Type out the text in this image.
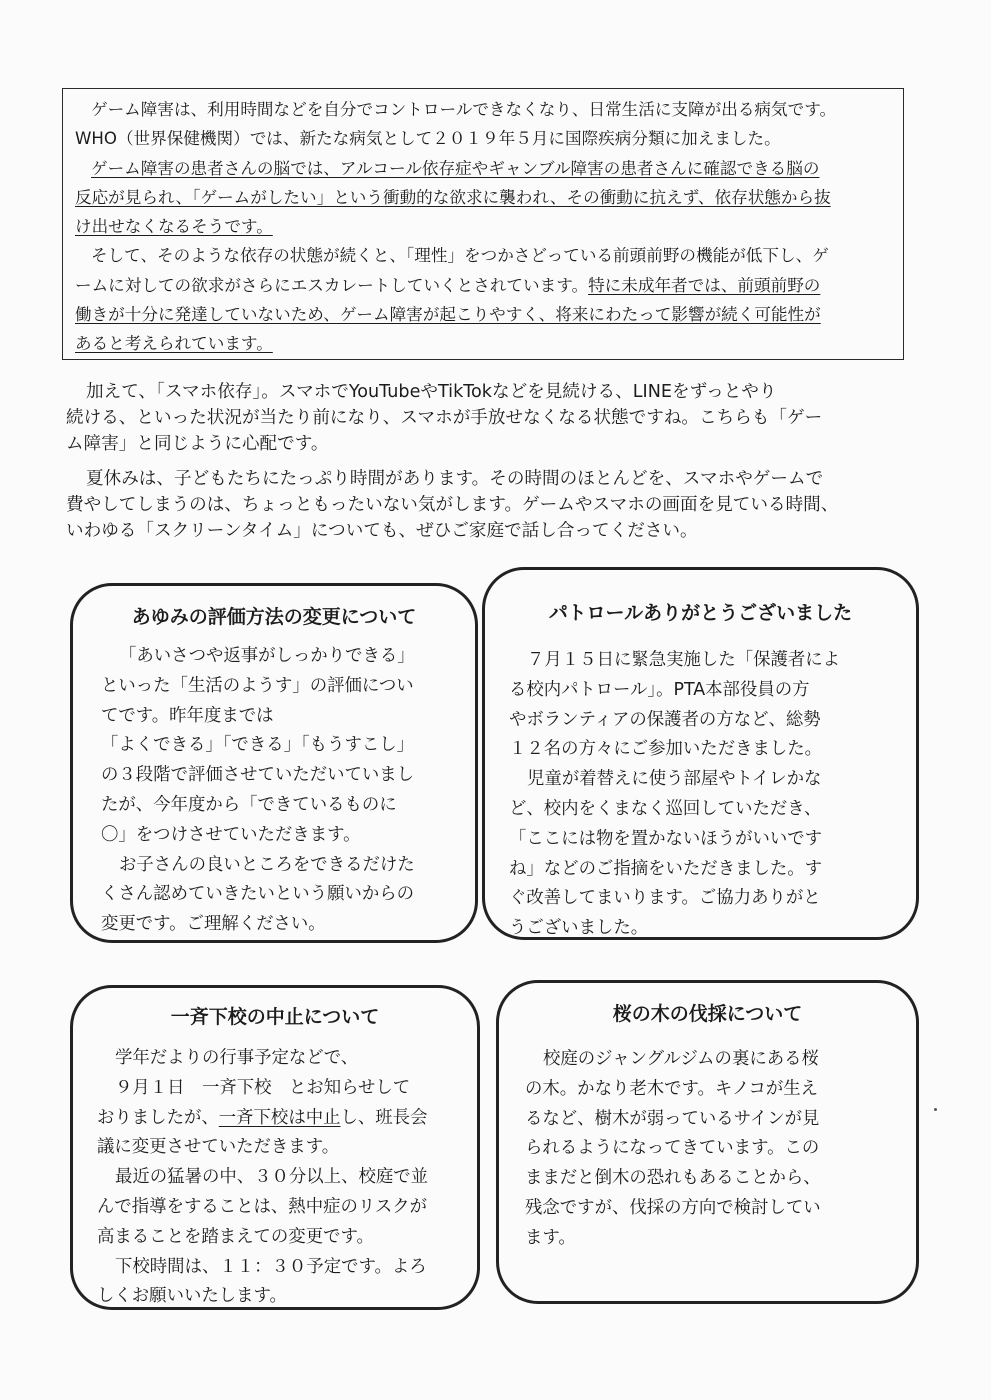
ゲーム障害は、利用時間などを自分でコントロールできなくなり、日常生活に支障が出る病気です。
WHO（世界保健機関）では、新たな病気として２０１９年５月に国際疾病分類に加えました。
ゲーム障害の患者さんの脳では、アルコール依存症やギャンブル障害の患者さんに確認できる脳の
反応が見られ、「ゲームがしたい」という衝動的な欲求に襲われ、その衝動に抗えず、依存状態から抜
け出せなくなるそうです。
そして、そのような依存の状態が続くと、「理性」をつかさどっている前頭前野の機能が低下し、ゲ
ームに対しての欲求がさらにエスカレートしていくとされています。特に未成年者では、前頭前野の
働きが十分に発達していないため、ゲーム障害が起こりやすく、将来にわたって影響が続く可能性が
あると考えられています。
加えて、「スマホ依存」。スマホでYouTubeやTikTokなどを見続ける、LINEをずっとやり
続ける、といった状況が当たり前になり、スマホが手放せなくなる状態ですね。こちらも「ゲー
ム障害」と同じように心配です。
夏休みは、子どもたちにたっぷり時間があります。その時間のほとんどを、スマホやゲームで
費やしてしまうのは、ちょっともったいない気がします。ゲームやスマホの画面を見ている時間、
いわゆる「スクリーンタイム」についても、ぜひご家庭で話し合ってください。
あゆみの評価方法の変更について
「あいさつや返事がしっかりできる」
といった「生活のようす」の評価につい
てです。昨年度までは
「よくできる」「できる」「もうすこし」
の３段階で評価させていただいていまし
たが、今年度から「できているものに
〇」をつけさせていただきます。
お子さんの良いところをできるだけた
くさん認めていきたいという願いからの
変更です。ご理解ください。
パトロールありがとうございました
７月１５日に緊急実施した「保護者によ
る校内パトロール」。PTA本部役員の方
やボランティアの保護者の方など、総勢
１２名の方々にご参加いただきました。
児童が着替えに使う部屋やトイレかな
ど、校内をくまなく巡回していただき、
「ここには物を置かないほうがいいです
ね」などのご指摘をいただきました。す
ぐ改善してまいります。ご協力ありがと
うございました。
一斉下校の中止について
学年だよりの行事予定などで、
９月１日　一斉下校　とお知らせして
おりましたが、一斉下校は中止し、班長会
議に変更させていただきます。
最近の猛暑の中、３０分以上、校庭で並
んで指導をすることは、熱中症のリスクが
高まることを踏まえての変更です。
下校時間は、１１：３０予定です。よろ
しくお願いいたします。
桜の木の伐採について
校庭のジャングルジムの裏にある桜
の木。かなり老木です。キノコが生え
るなど、樹木が弱っているサインが見
られるようになってきています。この
ままだと倒木の恐れもあることから、
残念ですが、伐採の方向で検討してい
ます。
